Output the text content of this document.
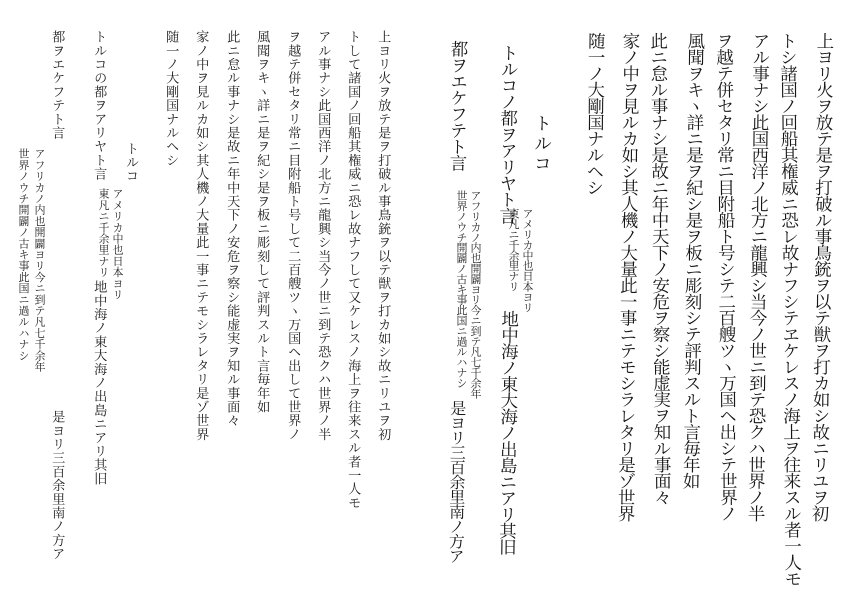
上ヨリ火ヲ放テ是ヲ打破ル事鳥銃ヲ以テ獣ヲ打カ如シ故ニリユヲ初
トして諸国ノ回船其権威ニ恐レ故ナフして又ケレスノ海上ヲ往来スル者一人モ
アル事ナシ此国西洋ノ北方ニ龍興シ当今ノ世ニ到テ恐クハ世界ノ半
ヲ越テ併セタリ常ニ目附船ト号して二百艘ツヽ万国ヘ出して世界ノ
風聞ヲキヽ詳ニ是ヲ紀シ是ヲ板ニ彫刻して評判スルト言毎年如
此ニ怠ル事ナシ是故ニ年中天下ノ安危ヲ察シ能虚実ヲ知ル事面々
家ノ中ヲ見ルカ如シ其人機ノ大量此一事ニテモシラレタリ是ゾ世界
随一ノ大剛国ナルヘシ
トルコ
トルコの都ヲアリヤト言
アメリカ中也日本ヨリ
東凡ニ千余里ナリ
地中海ノ東大海ノ出島ニアリ其旧
都ヲエケフテト言
アフリカノ内也開闢ヨリ今ニ到テ凡七千余年
世界ノウチ開闢ノ古キ事此国ニ過ルハナシ
是ヨリ三百余里南ノ方ア	上ヨリ火ヲ放テ是ヲ打破ル事鳥銃ヲ以テ獣ヲ打カ如シ故ニリユヲ初
トシ諸国ノ回船其権威ニ恐レ故ナフシテヱケレスノ海上ヲ往来スル者一人モ
アル事ナシ此国西洋ノ北方ニ龍興シ当今ノ世ニ到テ恐クハ世界ノ半
ヲ越テ併セタリ常ニ目附船ト号シテ二百艘ツヽ万国ヘ出シテ世界ノ
風聞ヲキヽ詳ニ是ヲ紀シ是ヲ板ニ彫刻シテ評判スルト言毎年如
此ニ怠ル事ナシ是故ニ年中天下ノ安危ヲ察シ能虚実ヲ知ル事面々
家ノ中ヲ見ルカ如シ其人機ノ大量此一事ニテモシラレタリ是ゾ世界
随一ノ大剛国ナルヘシ
トルコ
トルコノ都ヲアリヤト言
アメリカ中也日本ヨリ
東凡ニ千余里ナリ
地中海ノ東大海ノ出島ニアリ其旧
都ヲエケフテト言
アフリカノ内也開闢ヨリ今ニ到テ凡七千余年
世界ノウチ開闢ノ古キ事此国ニ過ルハナシ
是ヨリ三百余里南ノ方ア
